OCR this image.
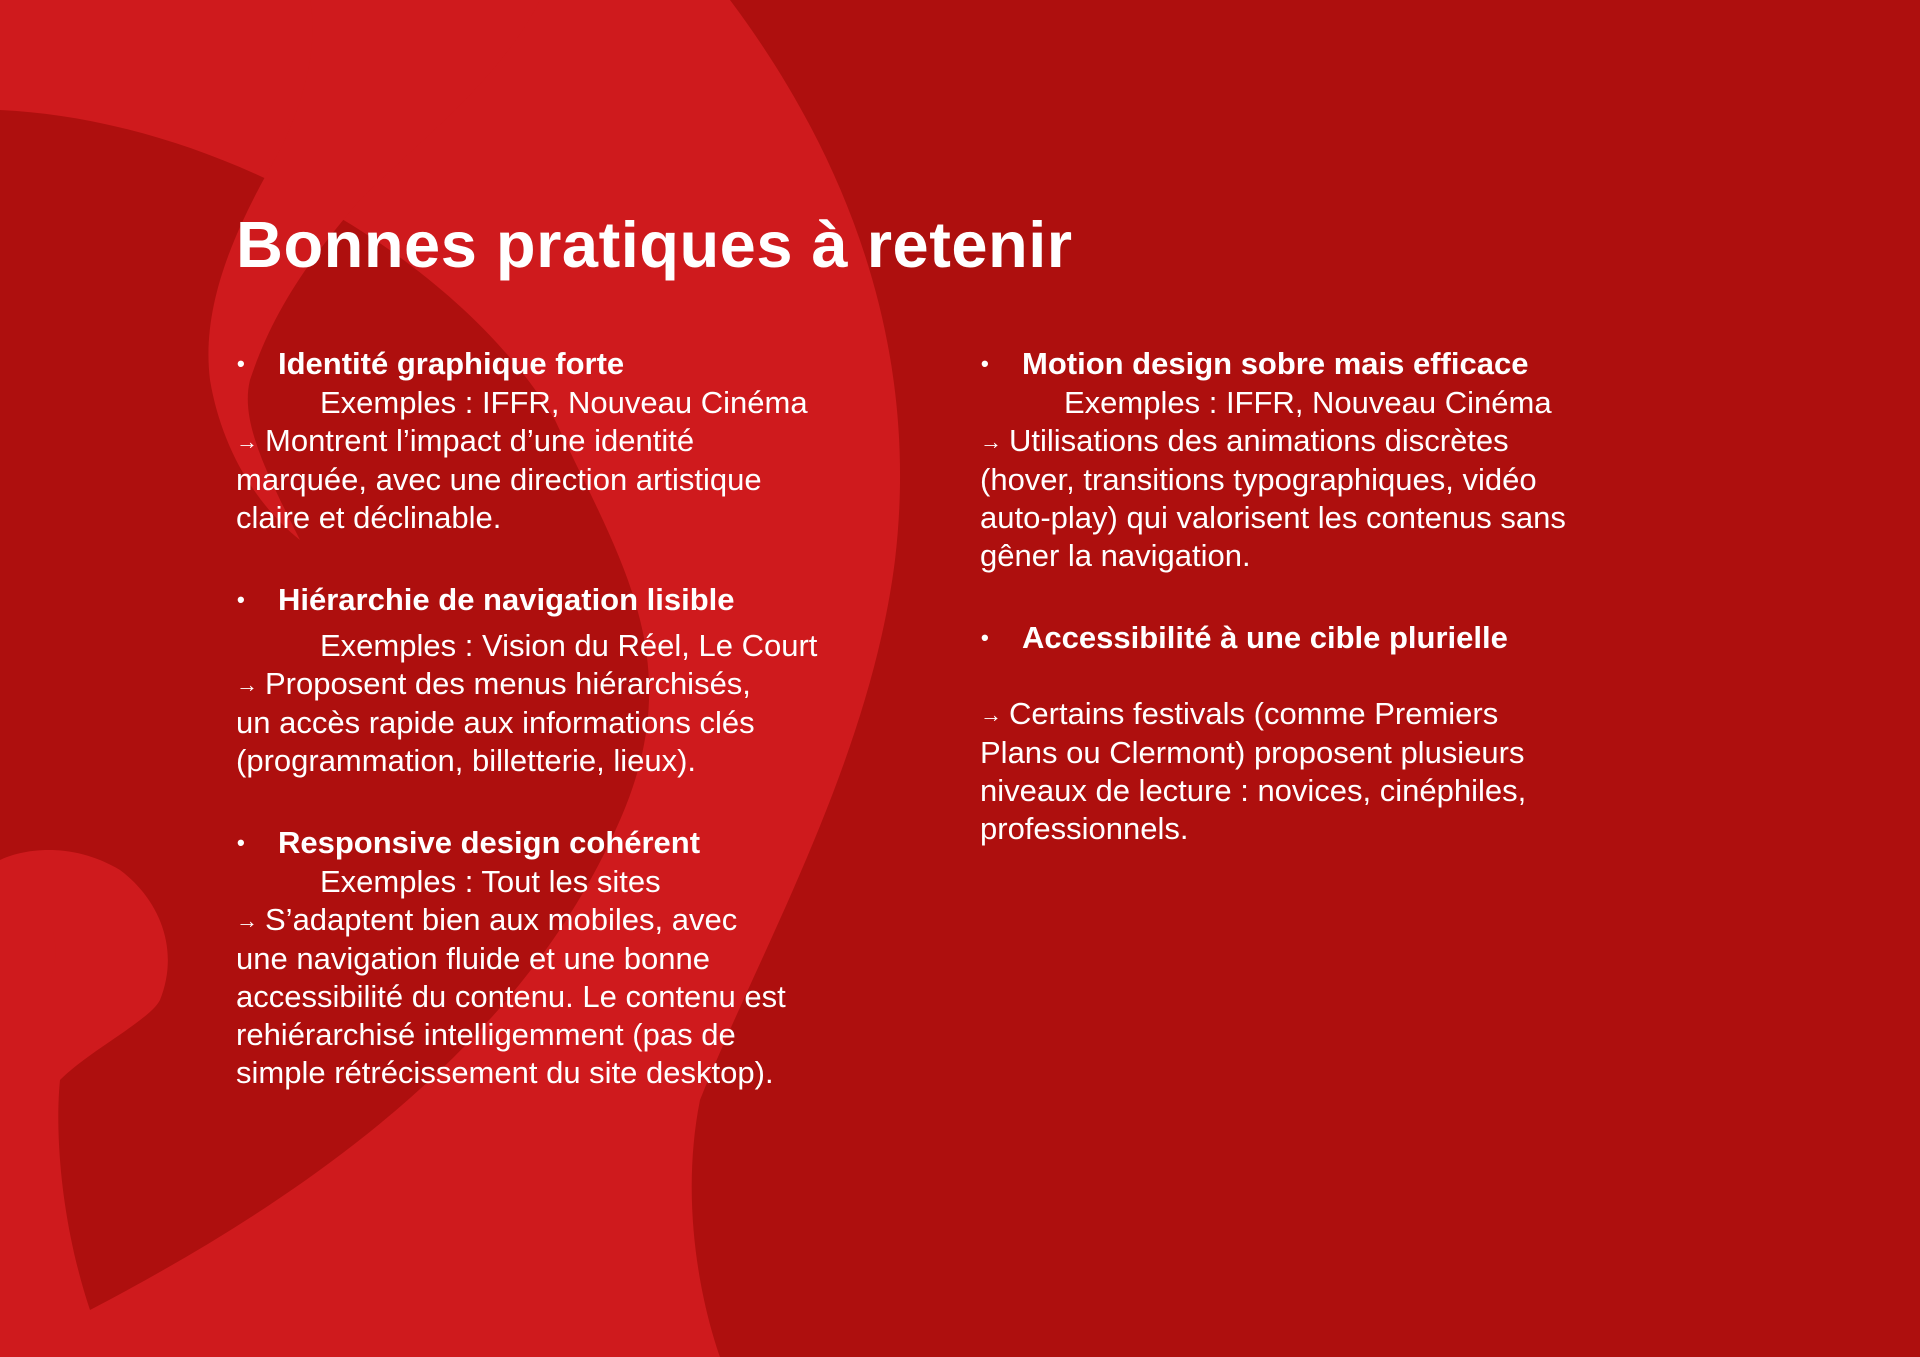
Bonnes pratiques à retenir
• Identité graphique forte
Exemples : IFFR, Nouveau Cinéma
→ Montrent l’impact d’une identité
marquée, avec une direction artistique
claire et déclinable.
• Hiérarchie de navigation lisible
Exemples : Vision du Réel, Le Court
→ Proposent des menus hiérarchisés,
un accès rapide aux informations clés
(programmation, billetterie, lieux).
• Responsive design cohérent
Exemples : Tout les sites
→ S’adaptent bien aux mobiles, avec
une navigation fluide et une bonne
accessibilité du contenu. Le contenu est
rehiérarchisé intelligemment (pas de
simple rétrécissement du site desktop).
• Motion design sobre mais efficace
Exemples : IFFR, Nouveau Cinéma
→ Utilisations des animations discrètes
(hover, transitions typographiques, vidéo
auto-play) qui valorisent les contenus sans
gêner la navigation.
• Accessibilité à une cible plurielle
→ Certains festivals (comme Premiers
Plans ou Clermont) proposent plusieurs
niveaux de lecture : novices, cinéphiles,
professionnels.
